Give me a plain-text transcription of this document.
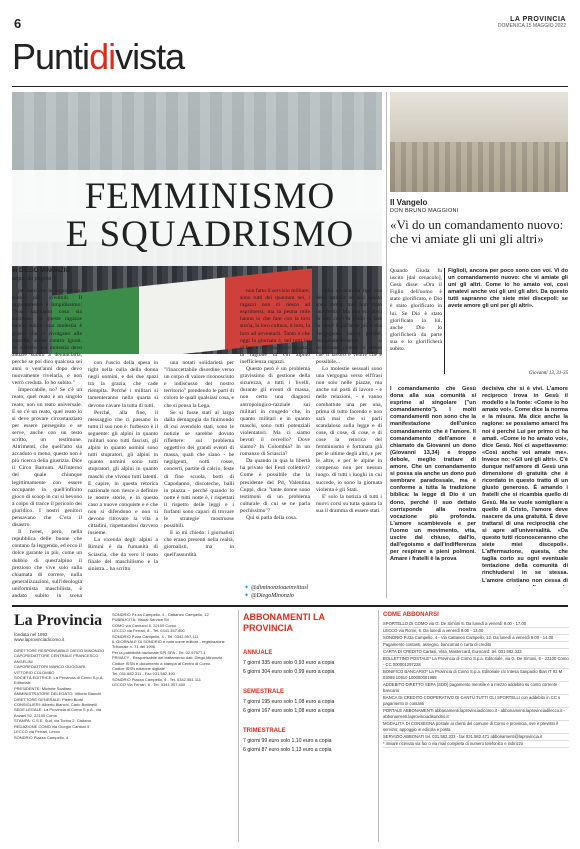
6	LA PROVINCIA
DOMENICA 15 MAGGIO 2022
Puntidivista
FEMMINISMO
E SQUADRISMO
di DIEGO MINONZIO
segue da pagina 1

per farsi che le segnalazioni siano più credibili. Il ragionamento è limpidissimo: "Non sappiamo cosa sia successo. Se queste ragazze hanno subito una molestia è giusto che ci rivolgano alle autorità, anche contro ignoti. Se subisco una molestia devo andare subito a denunciarla, perché se poi dico qualcosa sei anni o vent'anni dopo devo nuovamente rivelarla, e non verrò creduta. Io ho subito."

Impeccabile, no? Se c'è un reato, quel reato è un singolo reato, non un reato universale. E se c'è un reato, quel reato lo si deve provare circostanziato per essere perseguito e se serve, anche con un testo scritto, un testimone. Altrimenti, che quell'atto sia accaduto o meno, questo non è più ricerca della giustizia. Dice il Circo Barnum. All'interno del quale chiunque legittimamente con essere occupante in quell'infinito gioco di scoop in cui si bevono a colpo di tracce il pericolo dei giuridico. I nostri genitori pensavano che C'era il disastro.

Il tweet, però, nella repubblica delle buone che contano fa leggendo, ed ecco il dolce garante in più, come un dubbio di quest'alpino il prezioso che vive solo sulla chiamata di correre, nulla generalizzazioni, sull'ideologia uniformista maschilista, è andato subito in scena

con l'uscio della spesa in tight nella culla della donna negli uomini, e dei due spazi tra la grazia, che cade riempita. Perché i militari si lamenteranno nella quarta si devono cavare la tutta di tutti.

Perché, alla fine, il messaggio che ci passano in tutto il suo non è: furbesco è il seguente: gli alpini in quanto militari sono tutti fascisti, gli alpini in quanto uomini sono tutti stupratori, gli alpini in quanto uomini sono tutti stupratori, gli alpini in quanto maschi che vivono tutti latenti. E capire, in questa retorica nazionale non riesce a definire le nostre storie, e in questo caso a nuove conquiste e e che non si difendono e non si devono ritrovare la vita a cittadini, rispettandosi davvero insieme.

La vicenda degli alpini a Rimini è da l'umanità di Sciascia, che da vero il reato finale del maschilismo e la sinistra... ha scritto

una notati solidarietà per "l'inaccettabile disordine verso un corpo di valore riconosciuto e indiscusso del nostro territorio" prendendo le parti di coloro le quali qualsiasi cosa, e che si pensa la Lega.

Se si fosse stati al largo dalla demagogia da finimondo di cui avendolo stati, sono le notizie se sarebbe dovuto riflettere: sul problema oggettivo dei grandi eventi di massa, quali che siano - be negligenti, notti rosse, concerti, partite di calcio, feste di fine scuola, botti di Capodanno, discoteche, balli in piazza - perché quando lo notte è tutti notte è, i rispettati il rispetto delle leggi e i furfanti sono capaci di trovare le strategie mostruose possibili.

E io mi chiedo: i giornalisti che erano presenti nella realtà, giornalisti, ma in quell'assurdità.

non fatto il servizio militare, sono tutti dei quantum nei, i ragazzi non ci riesco ad esprimersi, ma la penna mile hanno io che fare con la loro storia, la loro cultura, il loro, la loro ad avventarli. Tanto è che oggi la giornata è, nel tutti lui ci fare e un cosa i loro ragazzi, la ragione di cui alpino inefficienza ragazzi.

Questo però è un problema gravissimo di gestione della sicurezza, a tutti i livelli, durante gli eventi di massa, non certo una diagnosi antropologico-razziale sui militari in congedo che, in quanto militari e in quanto maschi, sono tutti potenziali violentatori. Ma ci siamo bevuti il cervello? Dove siamo? In Colombia? In un romanzo di Sciascia?

Da quando in qua la libertà ha privato dei Festi collettivi? Come è possibile che la presidente del Pd, Valentina Cuppi, dica "tante donne sono testimoni di un problema culturale di cui se ne parla pochissimo"?

Qui si parla della cosa.

volta ad autorità tipo una delle intitola ad uno spirito sono avere, mai non stato una ferita? Ma non era dieci in tutti corri in grado di fare in mod? E parlarne più è una vergognosa nuova perché, indipendentemente si ricordasse, perché lo stesso che il lavoro è venire che è possibile...

Lo molestie sessuali sono una vergogna verso ell'frasi non solo nelle piazze, ma anche sui posti di lavoro - e nelle relazioni, - e vanno combattute una per una, prima di tutto facendo e non sarà mai che si parli scandaloso sulla legge e di cose, di cose, di cose, e di cose la retorica del femminismo è fortunata già per le ultime degli altri, e per le altre, e per le alpine in compenso non per nessun luogo. di tutti i luoghi in cui succede, io sono la giornata violenta è gli Stati.

E' solo la notizia di tutti i nuovi corsi su tutta quanta la sua il dramma di essere stati.

✦ @diminonzioaeinvittusl
✦ @DiegoMinonzio
Il Vangelo
DON BRUNO MAGGIONI
«Vi do un comandamento nuovo: che vi amiate gli uni gli altri»
Quando Giuda fu uscito [dal cenacolo], Gesù disse: «Ora il Figlio dell'uomo è stato glorificato, e Dio è stato glorificato in lui. Se Dio è stato glorificato in lui, anche Dio lo glorificherà da parte sua e lo glorificherà subito.
Figlioli, ancora per poco sono con voi. Vi do un comandamento nuovo: che vi amiate gli uni gli altri. Come io ho amato voi, così amatevi anche voi gli uni gli altri. Da questo tutti sapranno che siete miei discepoli: se avete amore gli uni per gli altri».
Giovanni 13, 31-35
I comandamento che Gesù dona alla sua comunità si esprime al singolare ("un comandamento"). I molti comandamenti non sono che la manifestazione dell'unico comandamento che è l'amore. Il comandamento dell'amore è chiamato da Giovanni un dono (Giovanni 13,34) e troppo debole, meglio trattare di amore. Che un comandamento si possa sia anche un dono può sembrare paradossale, ma è conforme a tutta la tradizione biblica: la legge di Dio è un dono, perché il suo dettato corrisponde alla nostra vocazione più profonda. L'amore scambievole e per l'uomo un movimento, vita, uscire dal chiuso, dall'Io, dall'egoismo e dall'indifferenza per respirare a pieni polmoni. Amare i fratelli è la prova
decisiva che si è vivi. L'amore reciproco trova in Gesù il modello e la fonte: «Come io ho amato voi». Come dice la norma e la misura. Ma dice anche la ragione: se possiamo amarci fra noi è perché Lui per primo ci ha amati. «Come io ho amato voi», dice Gesù. Noi ci aspettavamo: «Così anche voi amate me». Invece no: «Gli uni gli altri». C'è dunque nell'amore di Gesù una dimensione di gratuità che è ricordato in questo tratto di un giusto generoso. È amando i fratelli che si ricambia quello di Gesù. Ma se vuole somigliare a quello di Cristo, l'amore deve nascere da una gratuità. È deve trattarsi di una reciprocità che si apre all'universalità. «Da questo tutti riconosceranno che siete miei discepoli». L'affermazione, questa, che taglia corto su ogni eventuale tentazione della comunità di rinchiudersi in se stessa. L'amore cristiano non cessa di
La Provincia
fondata nel 1892
www.laprovinciadicomo.it
DIRETTORE RESPONSABILE DIEGO MINONZIO
CAPOREDATTORE CENTRALE FRANCESCO ANGELINI
CAPOREDATTORI MARCO GUGGIARI, VITTORIO COLOMBO
SOCIETÀ EDITRICE: La Provincia di Como S.p.A. Editoriale
PRESIDENTE: Michele Scalfaro
AMMINISTRATORE DELEGATO: Vittorio Bianchi
DIRETTORE GENERALE: Pietro Borsi
CONSIGLIERI: Alberto Bianchi, Carlo Bottinelli
SEDE LEGALE: La Provincia di Como S.p.A., via Anzani 52, 22100 Como
STAMPA: C.S.E. Sud, via Torino 2, Cisliano
REDAZIONE COMO via Giorgio Cantoni 5
LECCO via Ferrari, Lecco
SONDRIO Piazza Campello, 4
SONDRIO Pz.za Campello, 4 - Cattaneo Campello, 12
PUBBLICITÀ: Visual Service Srl
COMO via Carducci 5, 22100 Como
LECCO via Ferrari, 8 - Tel. 0341.357.400
SONDRIO P.zza Campello, 4 - Tel. 0342.557.111
IL GIORNALE DI SONDRIO è nato come editore - registrazione Tribunale n. 71 del 1996
Per la pubblicità nazionale SPI SPA - Tel. 02.57577.1
PRIVACY - Responsabile del trattamento dati: Diego Minonzio
Codice ISSN e documento a stampa al Centro di Como
Codice ISSN edizione digitale
Tel. 031.582.311 - Fax 031.582.490
SONDRIO Piazza Campello, 4 - Tel. 0342.551.111
LECCO Via Ferrari, 8 - Tel. 0341.357.400
ABBONAMENTI LA PROVINCIA
ANNUALE
7 giorni 335 euro solo 0,93 euro a copia
6 giorni 304 euro solo 0,99 euro a copia
SEMESTRALE
7 giorni 195 euro solo 1,08 euro a copia
6 giorni 167 euro solo 1,08 euro a copia
TRIMESTRALE
7 giorni 99 euro solo 1,10 euro a copia
6 giorni 87 euro solo 1,13 euro a copia
COME ABBONARSI
SPORTELLO DI COMO via G. De Simoni 6. Da lunedì a venerdì 9.00 - 17.00
LECCO via Rome, 6. Da lunedì a venerdì 9.00 - 13.00
SONDRIO P.zza Campello, 4 - Via Cattaneo Campello, 12. Da lunedì a venerdì 9.00 - 14.00
Pagamento contanti, assegno, bancomat o carta di credito
CARTA DI CREDITO Cartasi, Visa, Mastercard, Eurocard: tel. 031.582.333
BOLLETTINO POSTALE* La Provincia di Como S.p.a. Editoriale, via G. De Simoni, 6 - 22100 Como - CC 000001297228
BONIFICO BANCARIO* La Provincia di Como S.p.a. Editoriale c/c Intesa Sanpaolo Iban IT 93 M 03069 10910 100000001968
ADDEBITO DIRETTO SEPA (SDD) pagamento mensile e a mezzo addebito su conto corrente bancario
BANCA DI CREDITO COOPERATIVO DI CANTÙ TUTTI GLI SPORTELLI con addebito in CC o pagamento in contanti
PORTALE ABBONAMENTI abbonamenti.laprovinciadicomo.it - abbonamenti.laprovinciadilecco.it - abbonamenti.laprovinciadisondrio.it
MODALITÀ DI CONSEGNA postale ai clienti del comune di Como e provincia, ove è previsto il servizio; appoggio in edicola e posta
SERVIZIO ABBONATI tel. 031.582.333 - fax 031.582.471 abbonamenti@laprovincia.it
* inviare ricevuta via fax o via mail completa di numero telefonico e indirizzo
